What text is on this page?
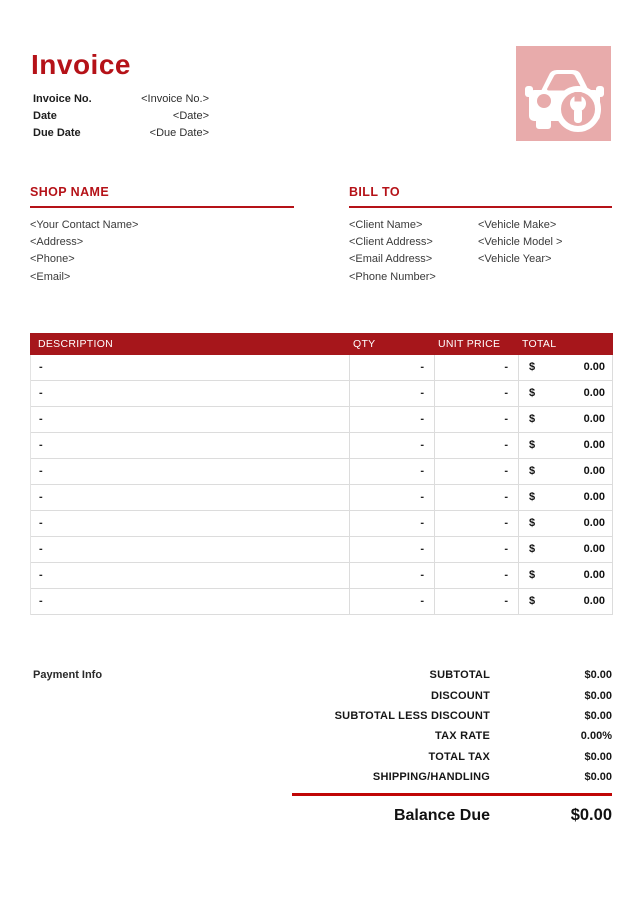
Invoice
Invoice No.	<Invoice No.>
Date	<Date>
Due Date	<Due Date>
SHOP NAME
<Your Contact Name>
<Address>
<Phone>
<Email>
BILL TO
<Client Name>
<Client Address>
<Email Address>
<Phone Number>
<Vehicle Make>
<Vehicle Model >
<Vehicle Year>
DESCRIPTION	QTY	UNIT PRICE	TOTAL
-	-	-	$	0.00
-	-	-	$	0.00
-	-	-	$	0.00
-	-	-	$	0.00
-	-	-	$	0.00
-	-	-	$	0.00
-	-	-	$	0.00
-	-	-	$	0.00
-	-	-	$	0.00
-	-	-	$	0.00
Payment Info	SUBTOTAL	$0.00
DISCOUNT	$0.00
SUBTOTAL LESS DISCOUNT	$0.00
TAX RATE	0.00%
TOTAL TAX	$0.00
SHIPPING/HANDLING	$0.00
Balance Due	$0.00
